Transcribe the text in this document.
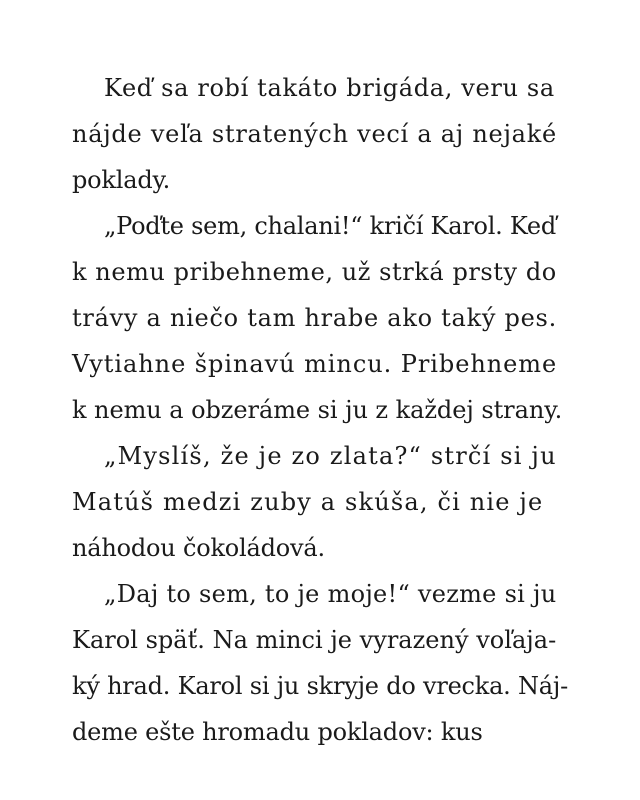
Keď sa robí takáto brigáda, veru sa
nájde veľa stratených vecí a aj nejaké
poklady.
„Poďte sem, chalani!“ kričí Karol. Keď
k nemu pribehneme, už strká prsty do
trávy a niečo tam hrabe ako taký pes.
Vytiahne špinavú mincu. Pribehneme
k nemu a obzeráme si ju z každej strany.
„Myslíš, že je zo zlata?“ strčí si ju
Matúš medzi zuby a skúša, či nie je
náhodou čokoládová.
„Daj to sem, to je moje!“ vezme si ju
Karol späť. Na minci je vyrazený voľaja-
ký hrad. Karol si ju skryje do vrecka. Náj-
deme ešte hromadu pokladov: kus
